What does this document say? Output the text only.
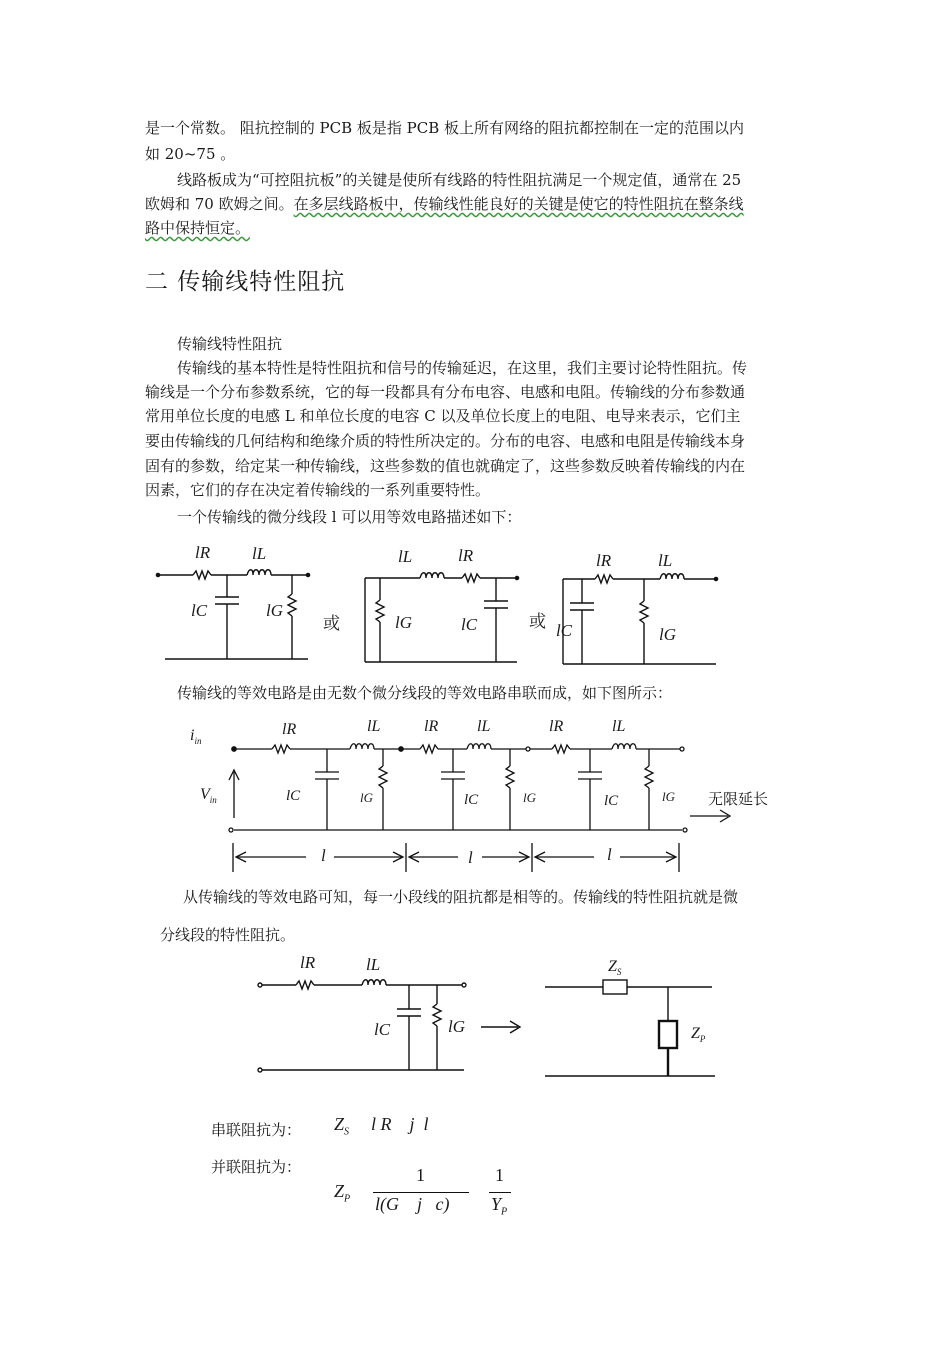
是一个常数。 阻抗控制的 PCB 板是指 PCB 板上所有网络的阻抗都控制在一定的范围以内
如 20~75 。
线路板成为“可控阻抗板”的关键是使所有线路的特性阻抗满足一个规定值，通常在 25
欧姆和 70 欧姆之间。在多层线路板中，传输线性能良好的关键是使它的特性阻抗在整条线
路中保持恒定。
二 传输线特性阻抗
传输线特性阻抗
传输线的基本特性是特性阻抗和信号的传输延迟，在这里，我们主要讨论特性阻抗。传
输线是一个分布参数系统，它的每一段都具有分布电容、电感和电阻。传输线的分布参数通
常用单位长度的电感 L 和单位长度的电容 C 以及单位长度上的电阻、电导来表示，它们主
要由传输线的几何结构和绝缘介质的特性所决定的。分布的电容、电感和电阻是传输线本身
固有的参数，给定某一种传输线，这些参数的值也就确定了，这些参数反映着传输线的内在
因素，它们的存在决定着传输线的一系列重要特性。
一个传输线的微分线段 l 可以用等效电路描述如下：
传输线的等效电路是由无数个微分线段的等效电路串联而成，如下图所示：
从传输线的等效电路可知，每一小段线的阻抗都是相等的。传输线的特性阻抗就是微
分线段的特性阻抗。
lR lL
lC	lG
或
lL	lR
lG	lC	或
lR	lL
lC	lG
$i_{in}$
$V_{in}$
lR	lL	lR lL	lR	lL
lC	lG	lC	lG	lC	lG 无限延长
l	l	l
lR	lL
lC	lG
$Z_S$
$Z_P$
串联阻抗为： $Z_S$ l R    j  l
并联阻抗为：
$Z_P$
1
l(G    j   c)
1
$Y_P$
